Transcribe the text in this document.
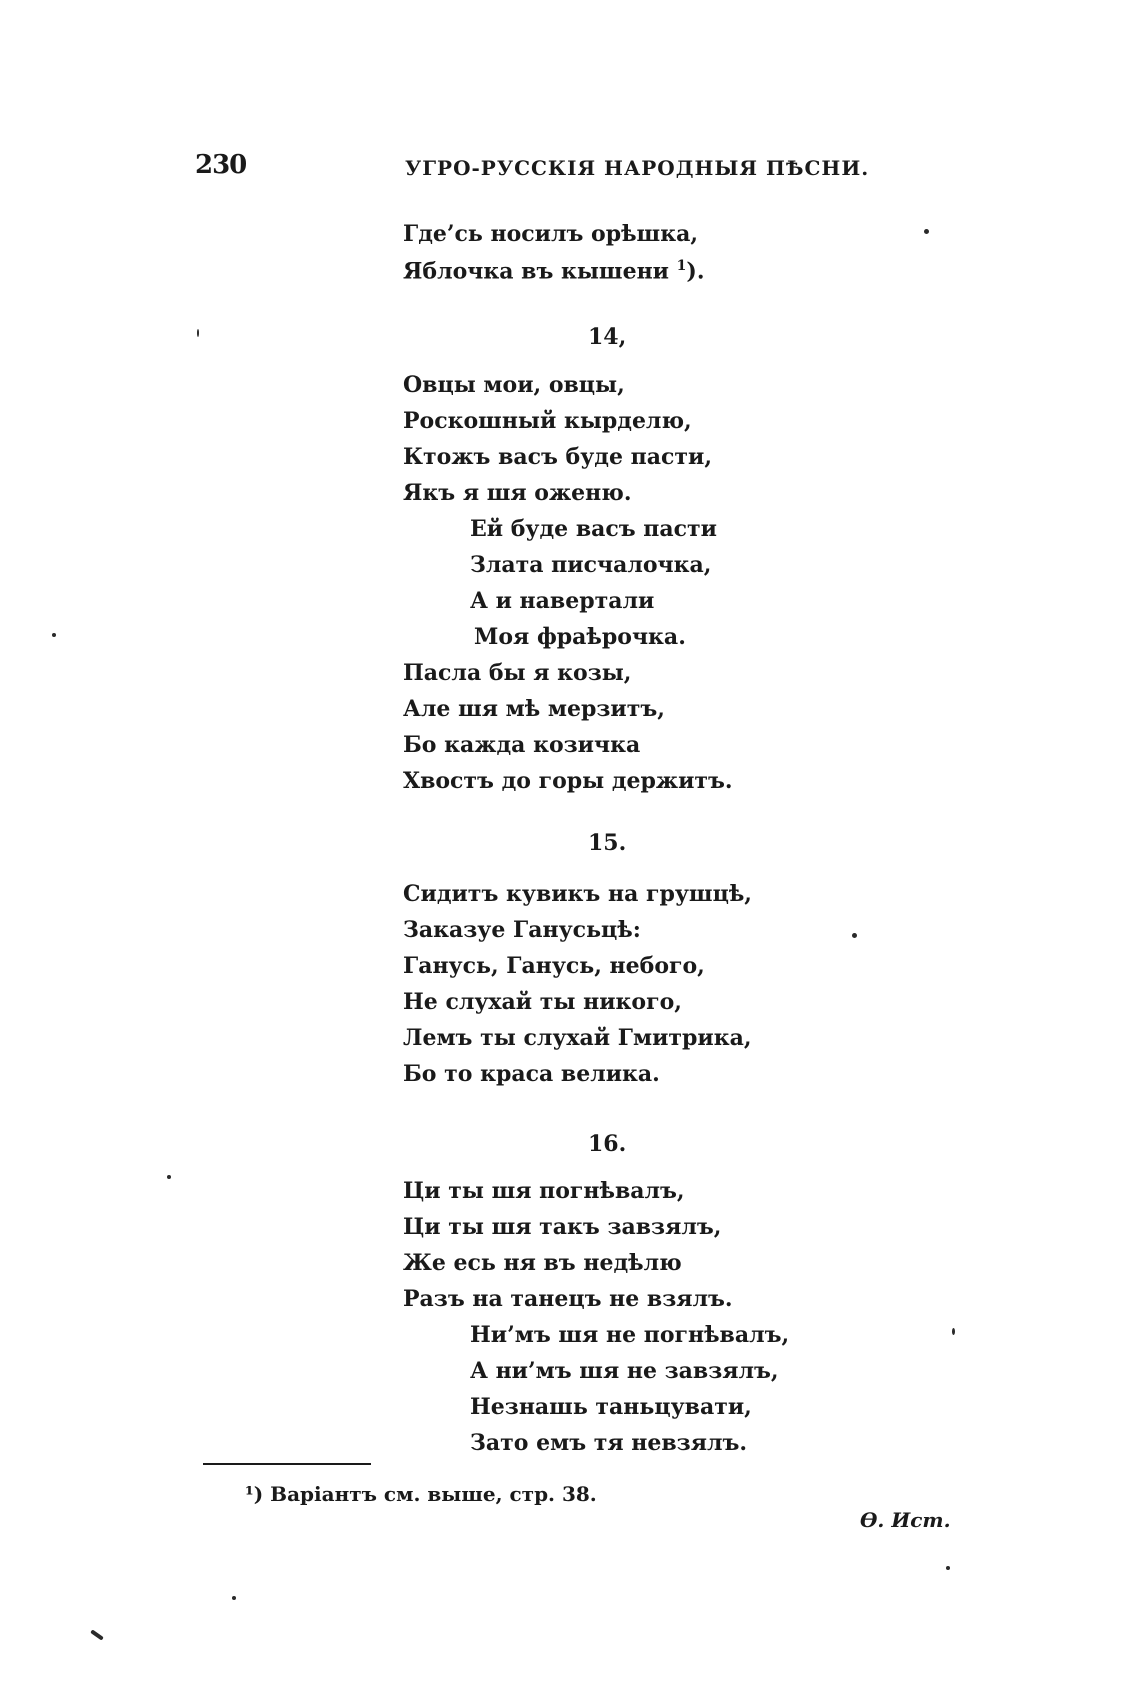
230	УГРО-РУССКІЯ НАРОДНЫЯ ПѢСНИ.
Где’сь носилъ орѣшка,
Яблочка въ кышени $^1$).
14,
Овцы мои, овцы,
Роскошный кырделю,
Ктожъ васъ буде пасти,
Якъ я шя оженю.
Ей буде васъ пасти
Злата писчалочка,
А и навертали
Моя фраѣрочка.
Пасла бы я козы,
Але шя мѣ мерзитъ,
Бо кажда козичка
Хвостъ до горы держитъ.
15.
Сидитъ кувикъ на грушцѣ,
Заказуе Ганусьцѣ:
Ганусь, Ганусь, небого,
Не слухай ты никого,
Лемъ ты слухай Гмитрика,
Бо то краса велика.
16.
Ци ты шя погнѣвалъ,
Ци ты шя такъ завзялъ,
Же есь ня въ недѣлю
Разъ на танецъ не взялъ.
Ни’мъ шя не погнѣвалъ,
А ни’мъ шя не завзялъ,
Незнашь таньцувати,
Зато емъ тя невзялъ.
¹) Варіантъ см. выше, стр. 38.
Ѳ. Ист.
